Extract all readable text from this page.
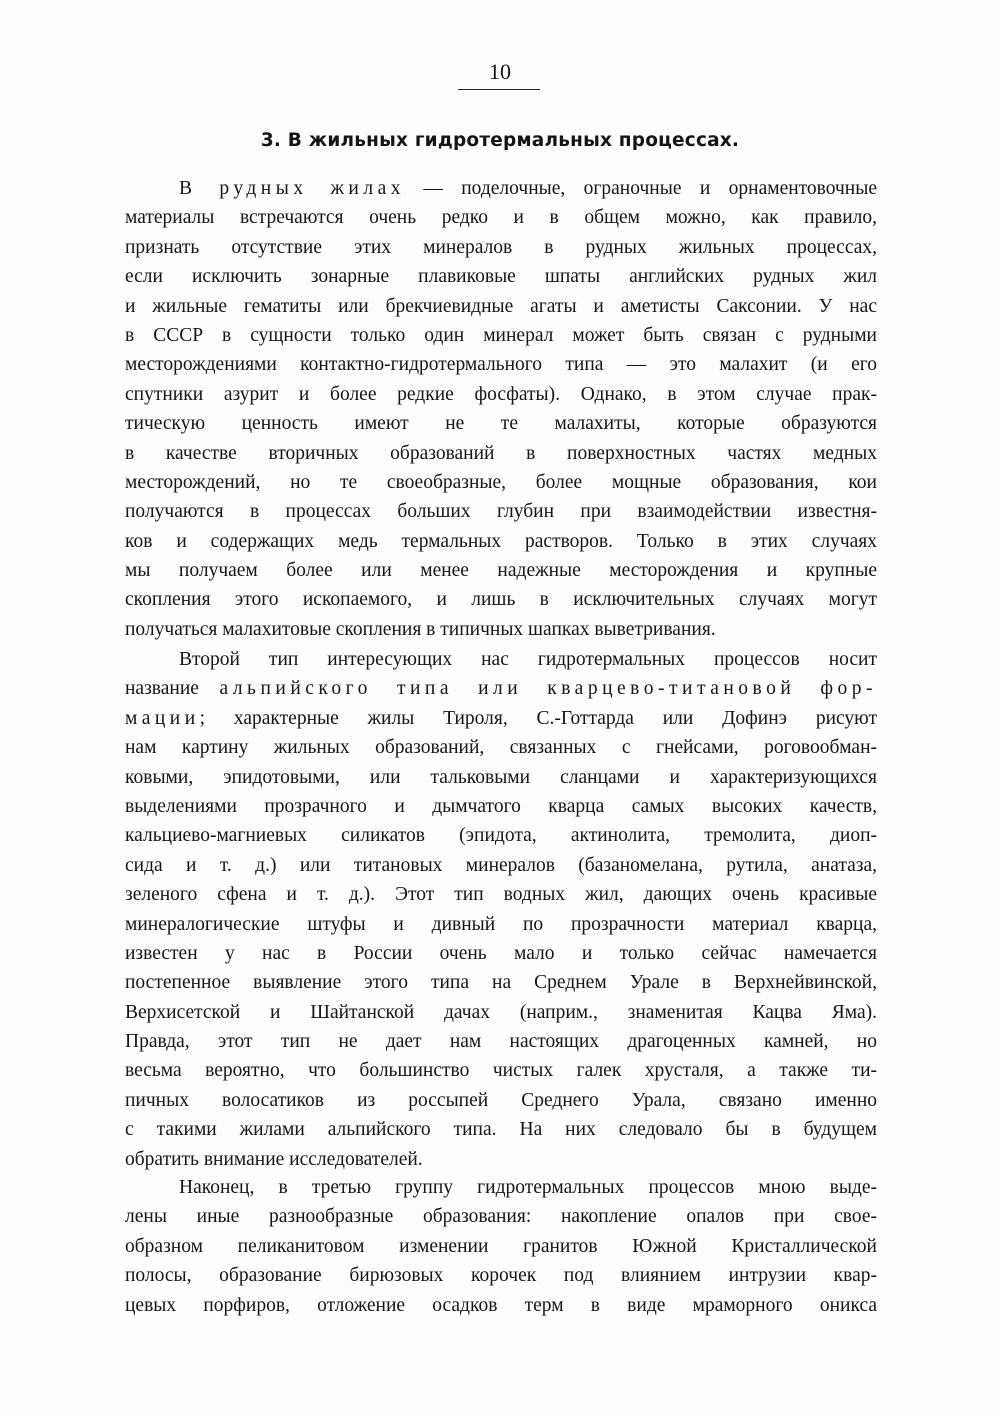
10
3. В жильных гидротермальных процессах.
В рудных жилах — поделочные, ограночные и орнаментовочные
материалы встречаются очень редко и в общем можно, как правило,
признать отсутствие этих минералов в рудных жильных процессах,
если исключить зонарные плавиковые шпаты английских рудных жил
и жильные гематиты или брекчиевидные агаты и аметисты Саксонии. У нас
в СССР в сущности только один минерал может быть связан с рудными
месторождениями контактно-гидротермального типа — это малахит (и его
спутники азурит и более редкие фосфаты). Однако, в этом случае прак-
тическую ценность имеют не те малахиты, которые образуются
в качестве вторичных образований в поверхностных частях медных
месторождений, но те своеобразные, более мощные образования, кои
получаются в процессах больших глубин при взаимодействии известня-
ков и содержащих медь термальных растворов. Только в этих случаях
мы получаем более или менее надежные месторождения и крупные
скопления этого ископаемого, и лишь в исключительных случаях могут
получаться малахитовые скопления в типичных шапках выветривания.
Второй тип интересующих нас гидротермальных процессов носит
название альпийского типа или кварцево-титановой фор-
мации; характерные жилы Тироля, С.-Готтарда или Дофинэ рисуют
нам картину жильных образований, связанных с гнейсами, роговообман-
ковыми, эпидотовыми, или тальковыми сланцами и характеризующихся
выделениями прозрачного и дымчатого кварца самых высоких качеств,
кальциево-магниевых силикатов (эпидота, актинолита, тремолита, диоп-
сида и т. д.) или титановых минералов (базаномелана, рутила, анатаза,
зеленого сфена и т. д.). Этот тип водных жил, дающих очень красивые
минералогические штуфы и дивный по прозрачности материал кварца,
известен у нас в России очень мало и только сейчас намечается
постепенное выявление этого типа на Среднем Урале в Верхнейвинской,
Верхисетской и Шайтанской дачах (наприм., знаменитая Кацва Яма).
Правда, этот тип не дает нам настоящих драгоценных камней, но
весьма вероятно, что большинство чистых галек хрусталя, а также ти-
пичных волосатиков из россыпей Среднего Урала, связано именно
с такими жилами альпийского типа. На них следовало бы в будущем
обратить внимание исследователей.
Наконец, в третью группу гидротермальных процессов мною выде-
лены иные разнообразные образования: накопление опалов при свое-
образном пеликанитовом изменении гранитов Южной Кристаллической
полосы, образование бирюзовых корочек под влиянием интрузии квар-
цевых порфиров, отложение осадков терм в виде мраморного оникса
